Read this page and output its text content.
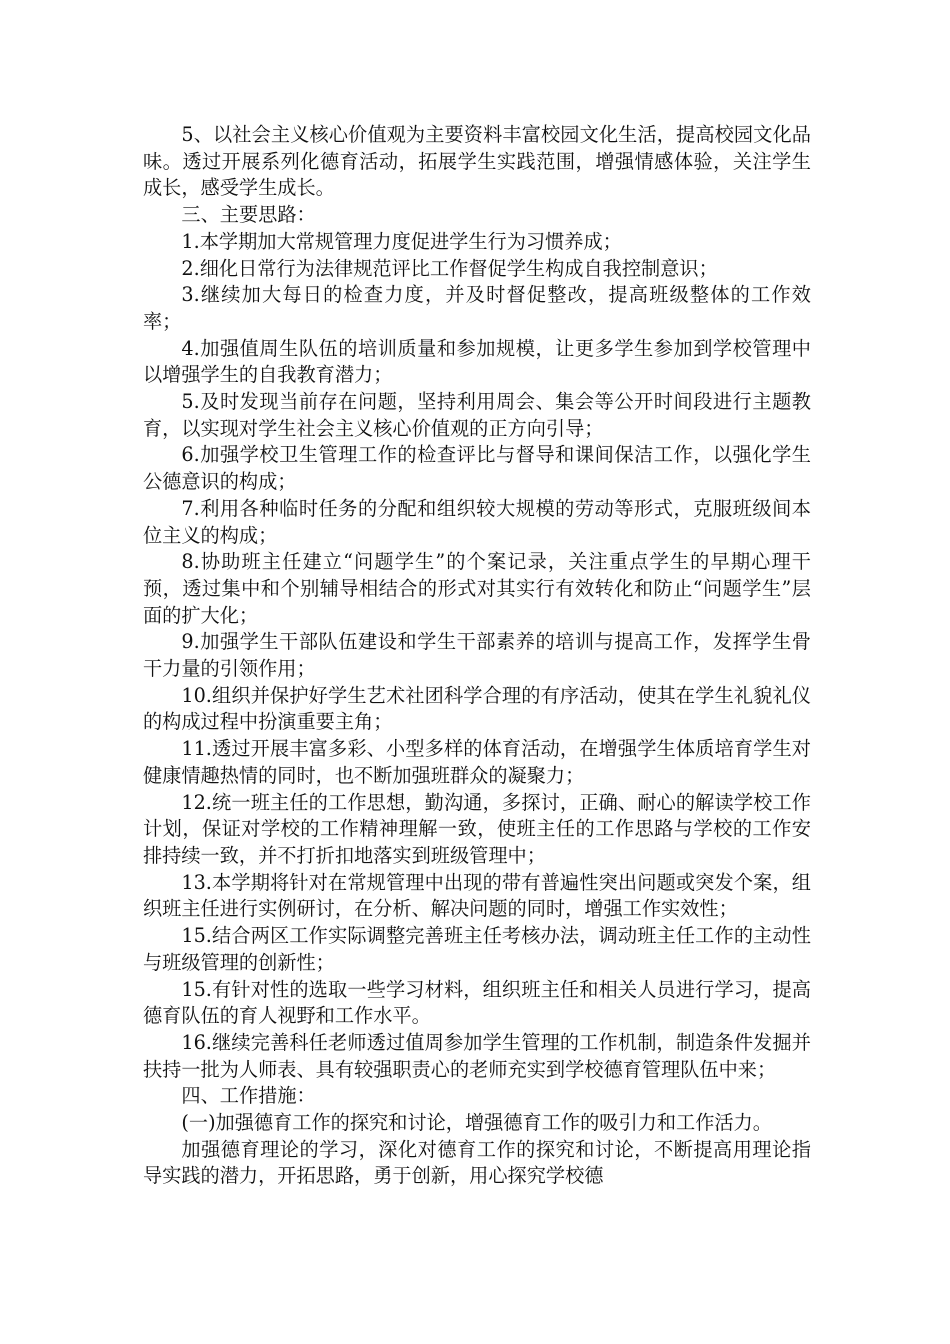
5、以社会主义核心价值观为主要资料丰富校园文化生活，提高校园文化品味。透过开展系列化德育活动，拓展学生实践范围，增强情感体验，关注学生成长，感受学生成长。

三、主要思路：

1.本学期加大常规管理力度促进学生行为习惯养成；

2.细化日常行为法律规范评比工作督促学生构成自我控制意识；

3.继续加大每日的检查力度，并及时督促整改，提高班级整体的工作效率；

4.加强值周生队伍的培训质量和参加规模，让更多学生参加到学校管理中以增强学生的自我教育潜力；

5.及时发现当前存在问题，坚持利用周会、集会等公开时间段进行主题教育，以实现对学生社会主义核心价值观的正方向引导；

6.加强学校卫生管理工作的检查评比与督导和课间保洁工作，以强化学生公德意识的构成；

7.利用各种临时任务的分配和组织较大规模的劳动等形式，克服班级间本位主义的构成；

8.协助班主任建立“问题学生”的个案记录，关注重点学生的早期心理干预，透过集中和个别辅导相结合的形式对其实行有效转化和防止“问题学生”层面的扩大化；

9.加强学生干部队伍建设和学生干部素养的培训与提高工作，发挥学生骨干力量的引领作用；

10.组织并保护好学生艺术社团科学合理的有序活动，使其在学生礼貌礼仪的构成过程中扮演重要主角；

11.透过开展丰富多彩、小型多样的体育活动，在增强学生体质培育学生对健康情趣热情的同时，也不断加强班群众的凝聚力；

12.统一班主任的工作思想，勤沟通，多探讨，正确、耐心的解读学校工作计划，保证对学校的工作精神理解一致，使班主任的工作思路与学校的工作安排持续一致，并不打折扣地落实到班级管理中；

13.本学期将针对在常规管理中出现的带有普遍性突出问题或突发个案，组织班主任进行实例研讨，在分析、解决问题的同时，增强工作实效性；

15.结合两区工作实际调整完善班主任考核办法，调动班主任工作的主动性与班级管理的创新性；

15.有针对性的选取一些学习材料，组织班主任和相关人员进行学习，提高德育队伍的育人视野和工作水平。

16.继续完善科任老师透过值周参加学生管理的工作机制，制造条件发掘并扶持一批为人师表、具有较强职责心的老师充实到学校德育管理队伍中来；

四、工作措施：

(一)加强德育工作的探究和讨论，增强德育工作的吸引力和工作活力。

加强德育理论的学习，深化对德育工作的探究和讨论，不断提高用理论指导实践的潜力，开拓思路，勇于创新，用心探究学校德
